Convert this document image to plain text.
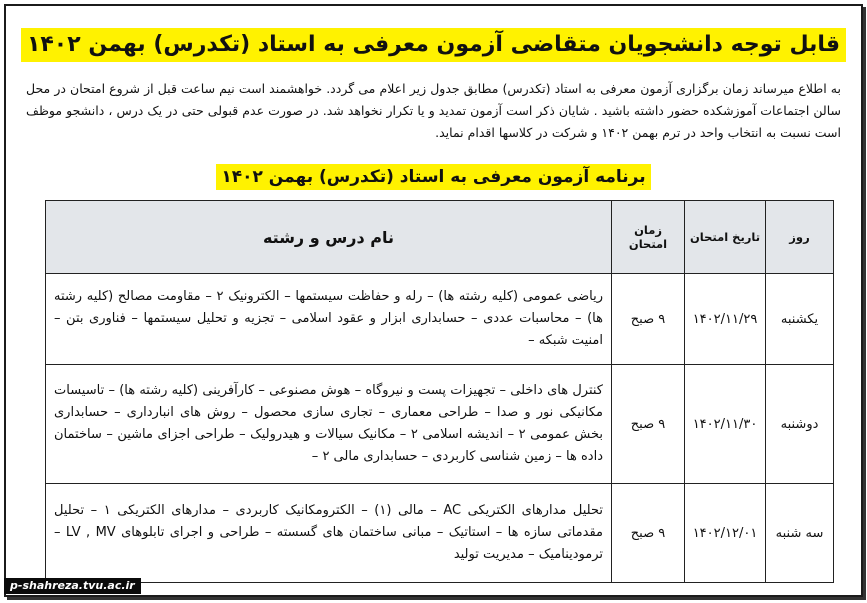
قابل توجه دانشجویان متقاضی آزمون معرفی به استاد (تکدرس) بهمن ۱۴۰۲
به اطلاع میرساند زمان برگزاری آزمون معرفی به استاد (تکدرس) مطابق جدول زیر اعلام می گردد. خواهشمند است نیم ساعت قبل از شروع امتحان در محل سالن اجتماعات آموزشکده حضور داشته باشید . شایان ذکر است آزمون تمدید و یا تکرار نخواهد شد. در صورت عدم قبولی حتی در یک درس ، دانشجو موظف است نسبت به انتخاب واحد در ترم بهمن ۱۴۰۲ و شرکت در کلاسها اقدام نماید.
برنامه آزمون معرفی به استاد (تکدرس) بهمن ۱۴۰۲
روز	تاریخ امتحان	زمان امتحان	نام درس و رشته
یکشنبه	۱۴۰۲/۱۱/۲۹	۹ صبح	ریاضی عمومی (کلیه رشته ها) – رله و حفاظت سیستمها – الکترونیک ۲ – مقاومت مصالح (کلیه رشته ها) – محاسبات عددی – حسابداری ابزار و عقود اسلامی – تجزیه و تحلیل سیستمها – فناوری بتن – امنیت شبکه –
دوشنبه	۱۴۰۲/۱۱/۳۰	۹ صبح	کنترل های داخلی – تجهیزات پست و نیروگاه – هوش مصنوعی – کارآفرینی (کلیه رشته ها) – تاسیسات مکانیکی نور و صدا – طراحی معماری – تجاری سازی محصول – روش های انبارداری – حسابداری بخش عمومی ۲ – اندیشه اسلامی ۲ – مکانیک سیالات و هیدرولیک – طراحی اجزای ماشین – ساختمان داده ها – زمین شناسی کاربردی – حسابداری مالی ۲ –
سه شنبه	۱۴۰۲/۱۲/۰۱	۹ صبح	تحلیل مدارهای الکتریکی AC – مالی (۱) – الکترومکانیک کاربردی – مدارهای الکتریکی ۱ – تحلیل مقدماتی سازه ها – استاتیک – مبانی ساختمان های گسسته – طراحی و اجرای تابلوهای LV , MV – ترمودینامیک – مدیریت تولید
p-shahreza.tvu.ac.ir
